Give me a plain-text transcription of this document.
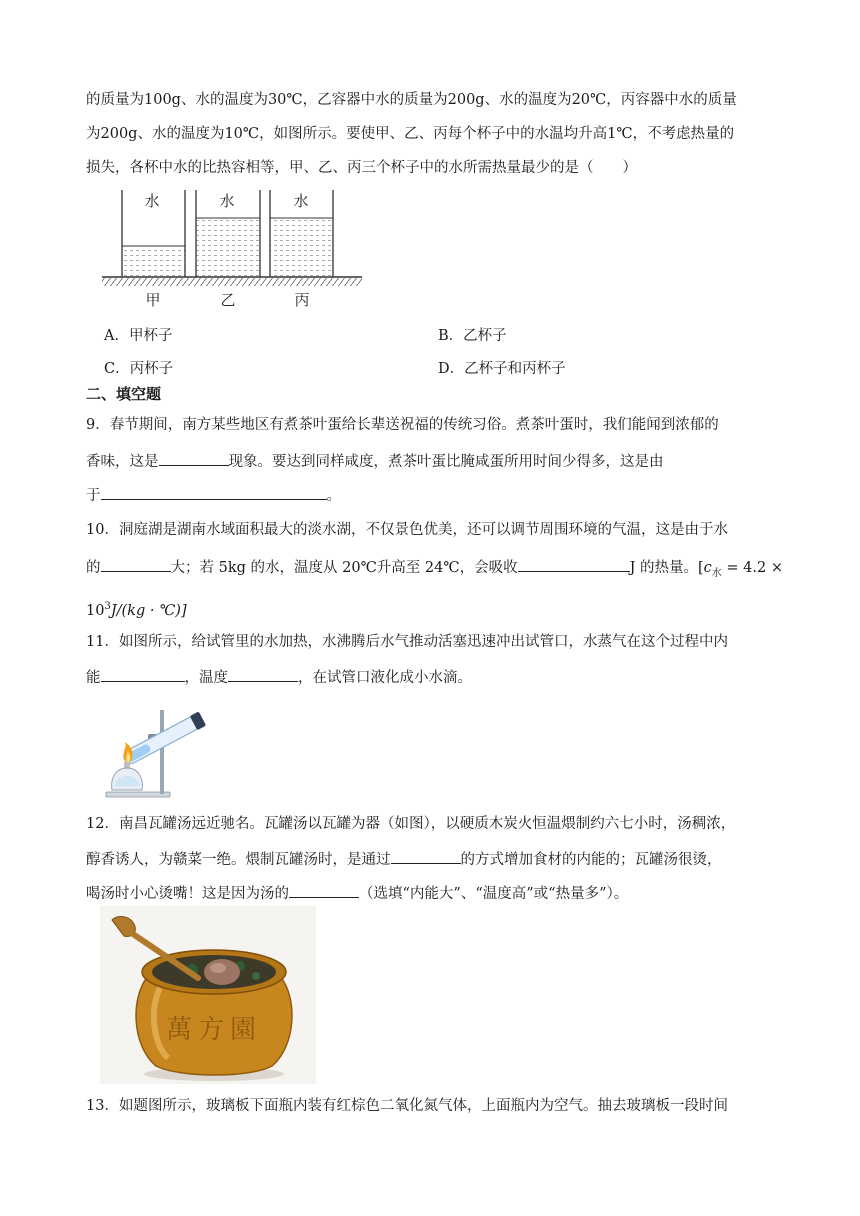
的质量为100g、水的温度为30℃，乙容器中水的质量为200g、水的温度为20℃，丙容器中水的质量
为200g、水的温度为10℃，如图所示。要使甲、乙、丙每个杯子中的水温均升高1℃，不考虑热量的
损失，各杯中水的比热容相等，甲、乙、丙三个杯子中的水所需热量最少的是（　　）
水	水	水
甲	乙	丙
A．甲杯子	B．乙杯子
C．丙杯子	D．乙杯子和丙杯子
二、填空题
9．春节期间，南方某些地区有煮茶叶蛋给长辈送祝福的传统习俗。煮茶叶蛋时，我们能闻到浓郁的
香味，这是	现象。要达到同样咸度，煮茶叶蛋比腌咸蛋所用时间少得多，这是由
于	。
10．洞庭湖是湖南水域面积最大的淡水湖，不仅景色优美，还可以调节周围环境的气温，这是由于水
的	大；若 5kg 的水，温度从 20℃升高至 24℃，会吸收	J 的热量。[$c_水 = 4.2$ ×
$10^3J/(kg$ · ℃)]
11．如图所示，给试管里的水加热，水沸腾后水气推动活塞迅速冲出试管口，水蒸气在这个过程中内
能	，温度	，在试管口液化成小水滴。
12．南昌瓦罐汤远近驰名。瓦罐汤以瓦罐为器（如图），以硬质木炭火恒温煨制约六七小时，汤稠浓，
醇香诱人，为赣菜一绝。煨制瓦罐汤时，是通过	的方式增加食材的内能的；瓦罐汤很烫，
喝汤时小心烫嘴！这是因为汤的	（选填“内能大”、“温度高”或“热量多”）。
萬方園
13．如题图所示，玻璃板下面瓶内装有红棕色二氧化氮气体，上面瓶内为空气。抽去玻璃板一段时间
